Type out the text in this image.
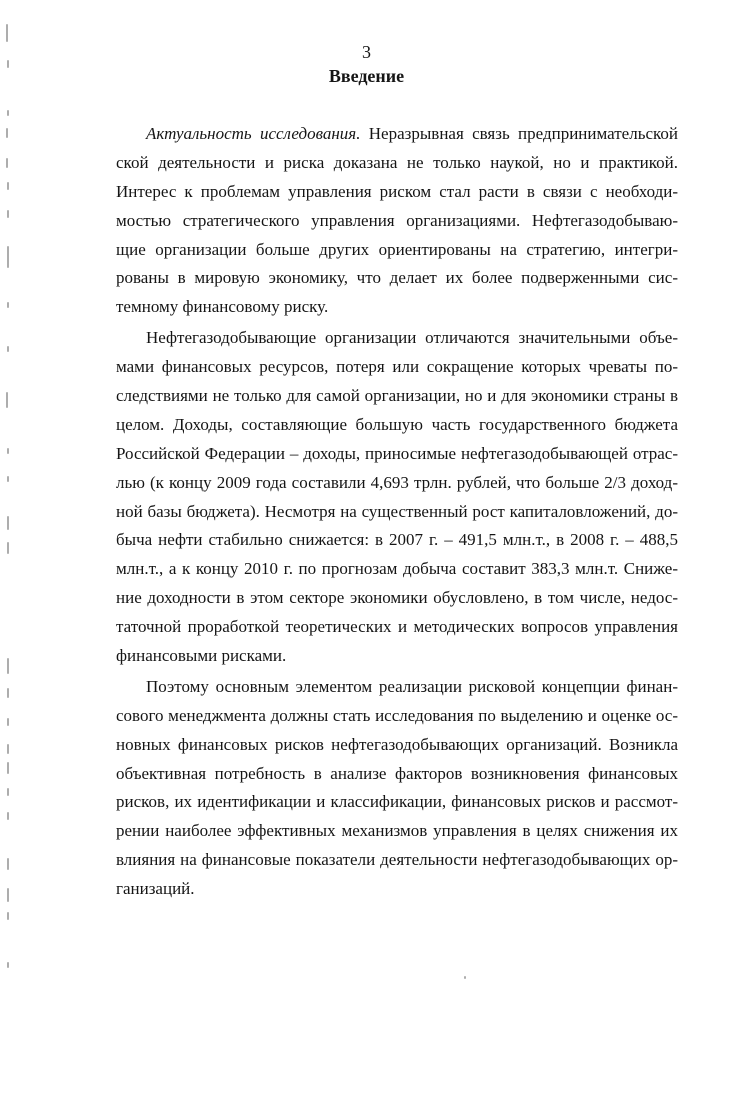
3
Введение
Актуальность исследования. Неразрывная связь предпринимательской
ской деятельности и риска доказана не только наукой, но и практикой.
Интерес к проблемам управления риском стал расти в связи с необходи-
мостью стратегического управления организациями. Нефтегазодобываю-
щие организации больше других ориентированы на стратегию, интегри-
рованы в мировую экономику, что делает их более подверженными сис-
темному финансовому риску.
Нефтегазодобывающие организации отличаются значительными объе-
мами финансовых ресурсов, потеря или сокращение которых чреваты по-
следствиями не только для самой организации, но и для экономики страны в
целом. Доходы, составляющие большую часть государственного бюджета
Российской Федерации – доходы, приносимые нефтегазодобывающей отрас-
лью (к концу 2009 года составили 4,693 трлн. рублей, что больше 2/3 доход-
ной базы бюджета). Несмотря на существенный рост капиталовложений, до-
быча нефти стабильно снижается: в 2007 г. – 491,5 млн.т., в 2008 г. – 488,5
млн.т., а к концу 2010 г. по прогнозам добыча составит 383,3 млн.т. Сниже-
ние доходности в этом секторе экономики обусловлено, в том числе, недос-
таточной проработкой теоретических и методических вопросов управления
финансовыми рисками.
Поэтому основным элементом реализации рисковой концепции финан-
сового менеджмента должны стать исследования по выделению и оценке ос-
новных финансовых рисков нефтегазодобывающих организаций. Возникла
объективная потребность в анализе факторов возникновения финансовых
рисков, их идентификации и классификации, финансовых рисков и рассмот-
рении наиболее эффективных механизмов управления в целях снижения их
влияния на финансовые показатели деятельности нефтегазодобывающих ор-
ганизаций.
